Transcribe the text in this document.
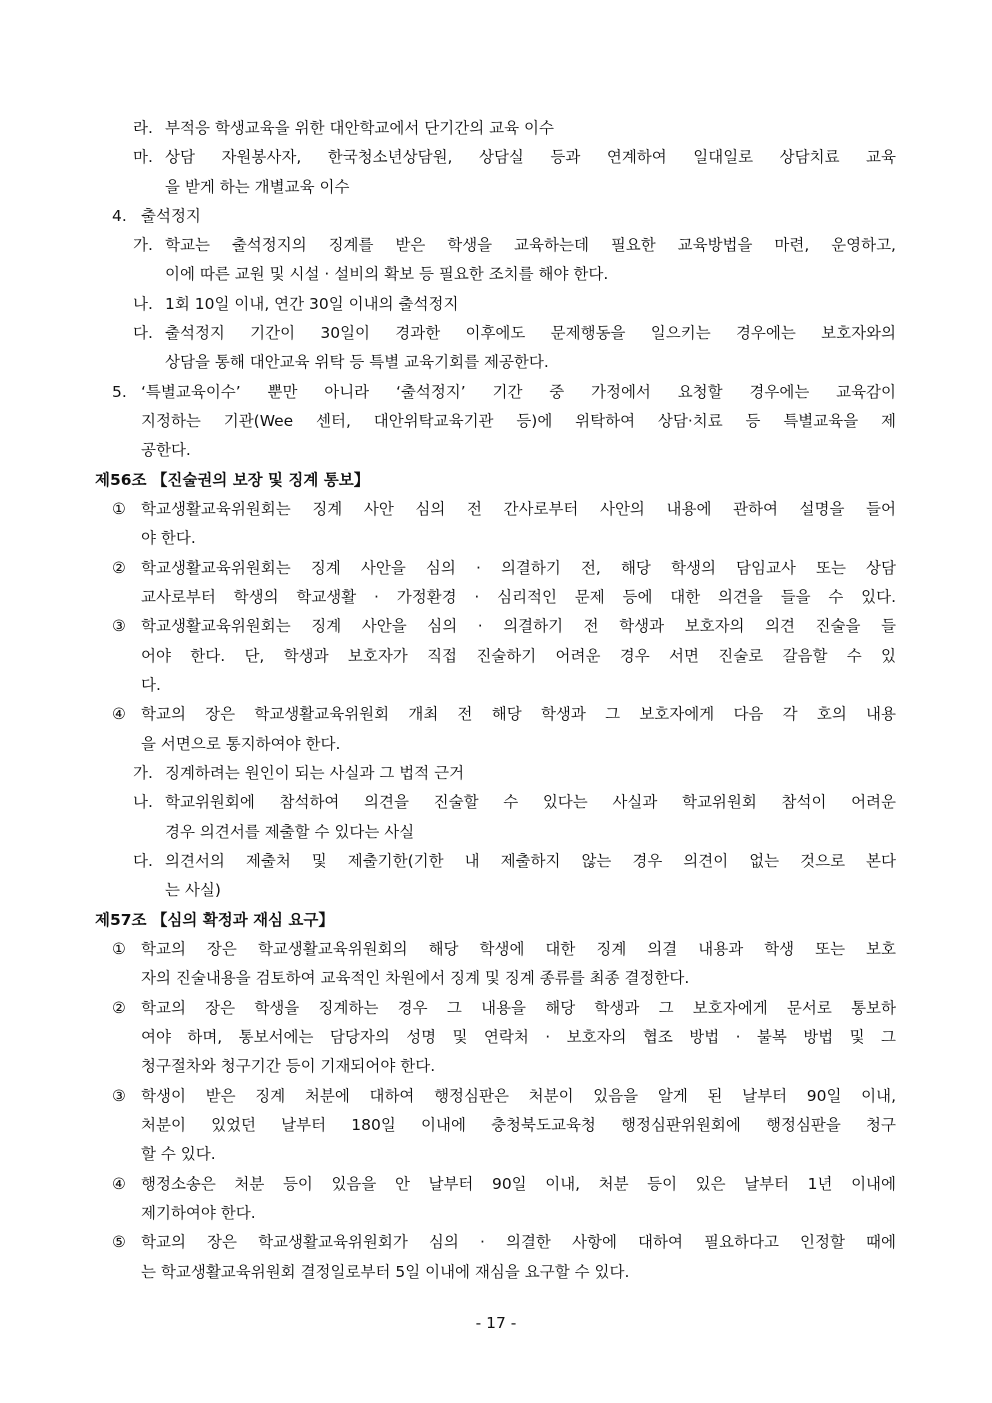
라. 부적응 학생교육을 위한 대안학교에서 단기간의 교육 이수
마. 상담 자원봉사자, 한국청소년상담원, 상담실 등과 연계하여 일대일로 상담치료 교육
을 받게 하는 개별교육 이수
4. 출석정지
가. 학교는 출석정지의 징계를 받은 학생을 교육하는데 필요한 교육방법을 마련, 운영하고,
이에 따른 교원 및 시설 · 설비의 확보 등 필요한 조치를 해야 한다.
나. 1회 10일 이내, 연간 30일 이내의 출석정지
다. 출석정지 기간이 30일이 경과한 이후에도 문제행동을 일으키는 경우에는 보호자와의
상담을 통해 대안교육 위탁 등 특별 교육기회를 제공한다.
5. ‘특별교육이수’ 뿐만 아니라 ‘출석정지’ 기간 중 가정에서 요청할 경우에는 교육감이
지정하는 기관(Wee 센터, 대안위탁교육기관 등)에 위탁하여 상담·치료 등 특별교육을 제
공한다.
제56조 【진술권의 보장 및 징계 통보】
① 학교생활교육위원회는 징계 사안 심의 전 간사로부터 사안의 내용에 관하여 설명을 들어
야 한다.
② 학교생활교육위원회는 징계 사안을 심의 · 의결하기 전, 해당 학생의 담임교사 또는 상담
교사로부터 학생의 학교생활 · 가정환경 · 심리적인 문제 등에 대한 의견을 들을 수 있다.
③ 학교생활교육위원회는 징계 사안을 심의 · 의결하기 전 학생과 보호자의 의견 진술을 들
어야 한다. 단, 학생과 보호자가 직접 진술하기 어려운 경우 서면 진술로 갈음할 수 있
다.
④ 학교의 장은 학교생활교육위원회 개최 전 해당 학생과 그 보호자에게 다음 각 호의 내용
을 서면으로 통지하여야 한다.
가. 징계하려는 원인이 되는 사실과 그 법적 근거
나. 학교위원회에 참석하여 의견을 진술할 수 있다는 사실과 학교위원회 참석이 어려운
경우 의견서를 제출할 수 있다는 사실
다. 의견서의 제출처 및 제출기한(기한 내 제출하지 않는 경우 의견이 없는 것으로 본다
는 사실)
제57조 【심의 확정과 재심 요구】
① 학교의 장은 학교생활교육위원회의 해당 학생에 대한 징계 의결 내용과 학생 또는 보호
자의 진술내용을 검토하여 교육적인 차원에서 징계 및 징계 종류를 최종 결정한다.
② 학교의 장은 학생을 징계하는 경우 그 내용을 해당 학생과 그 보호자에게 문서로 통보하
여야 하며, 통보서에는 담당자의 성명 및 연락처 · 보호자의 협조 방법 · 불복 방법 및 그
청구절차와 청구기간 등이 기재되어야 한다.
③ 학생이 받은 징계 처분에 대하여 행정심판은 처분이 있음을 알게 된 날부터 90일 이내,
처분이 있었던 날부터 180일 이내에 충청북도교육청 행정심판위원회에 행정심판을 청구
할 수 있다.
④ 행정소송은 처분 등이 있음을 안 날부터 90일 이내, 처분 등이 있은 날부터 1년 이내에
제기하여야 한다.
⑤ 학교의 장은 학교생활교육위원회가 심의 · 의결한 사항에 대하여 필요하다고 인정할 때에
는 학교생활교육위원회 결정일로부터 5일 이내에 재심을 요구할 수 있다.
- 17 -
